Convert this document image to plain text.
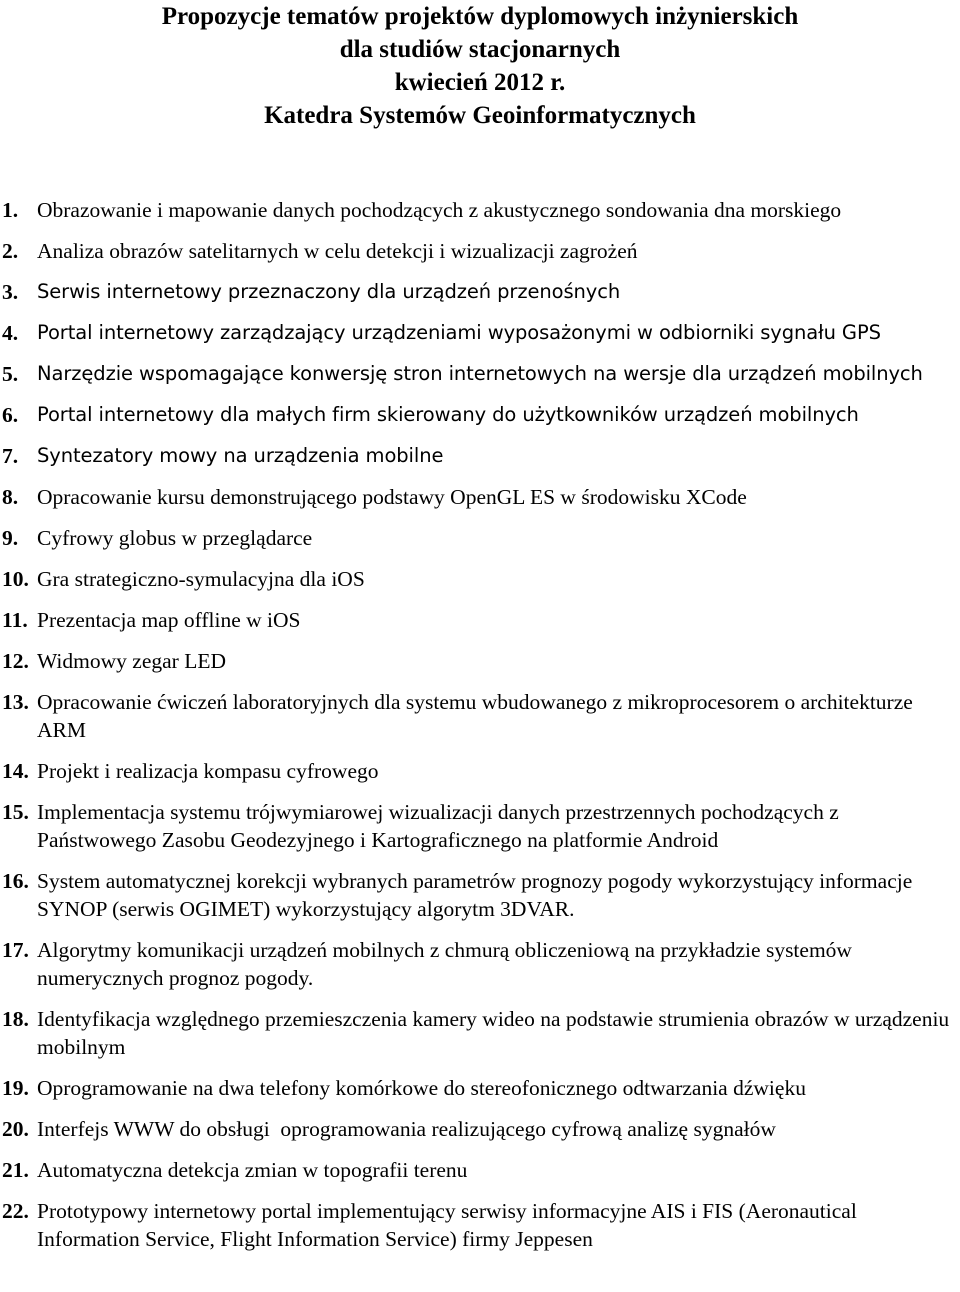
Propozycje tematów projektów dyplomowych inżynierskich
dla studiów stacjonarnych
kwiecień 2012 r.
Katedra Systemów Geoinformatycznych
1. Obrazowanie i mapowanie danych pochodzących z akustycznego sondowania dna morskiego
2. Analiza obrazów satelitarnych w celu detekcji i wizualizacji zagrożeń
3. Serwis internetowy przeznaczony dla urządzeń przenośnych
4. Portal internetowy zarządzający urządzeniami wyposażonymi w odbiorniki sygnału GPS
5. Narzędzie wspomagające konwersję stron internetowych na wersje dla urządzeń mobilnych
6. Portal internetowy dla małych firm skierowany do użytkowników urządzeń mobilnych
7. Syntezatory mowy na urządzenia mobilne
8. Opracowanie kursu demonstrującego podstawy OpenGL ES w środowisku XCode
9. Cyfrowy globus w przeglądarce
10. Gra strategiczno-symulacyjna dla iOS
11. Prezentacja map offline w iOS
12. Widmowy zegar LED
13. Opracowanie ćwiczeń laboratoryjnych dla systemu wbudowanego z mikroprocesorem o architekturze ARM
14. Projekt i realizacja kompasu cyfrowego
15. Implementacja systemu trójwymiarowej wizualizacji danych przestrzennych pochodzących z Państwowego Zasobu Geodezyjnego i Kartograficznego na platformie Android
16. System automatycznej korekcji wybranych parametrów prognozy pogody wykorzystujący informacje SYNOP (serwis OGIMET) wykorzystujący algorytm 3DVAR.
17. Algorytmy komunikacji urządzeń mobilnych z chmurą obliczeniową na przykładzie systemów numerycznych prognoz pogody.
18. Identyfikacja względnego przemieszczenia kamery wideo na podstawie strumienia obrazów w urządzeniu mobilnym
19. Oprogramowanie na dwa telefony komórkowe do stereofonicznego odtwarzania dźwięku
20. Interfejs WWW do obsługi  oprogramowania realizującego cyfrową analizę sygnałów
21. Automatyczna detekcja zmian w topografii terenu
22. Prototypowy internetowy portal implementujący serwisy informacyjne AIS i FIS (Aeronautical Information Service, Flight Information Service) firmy Jeppesen
